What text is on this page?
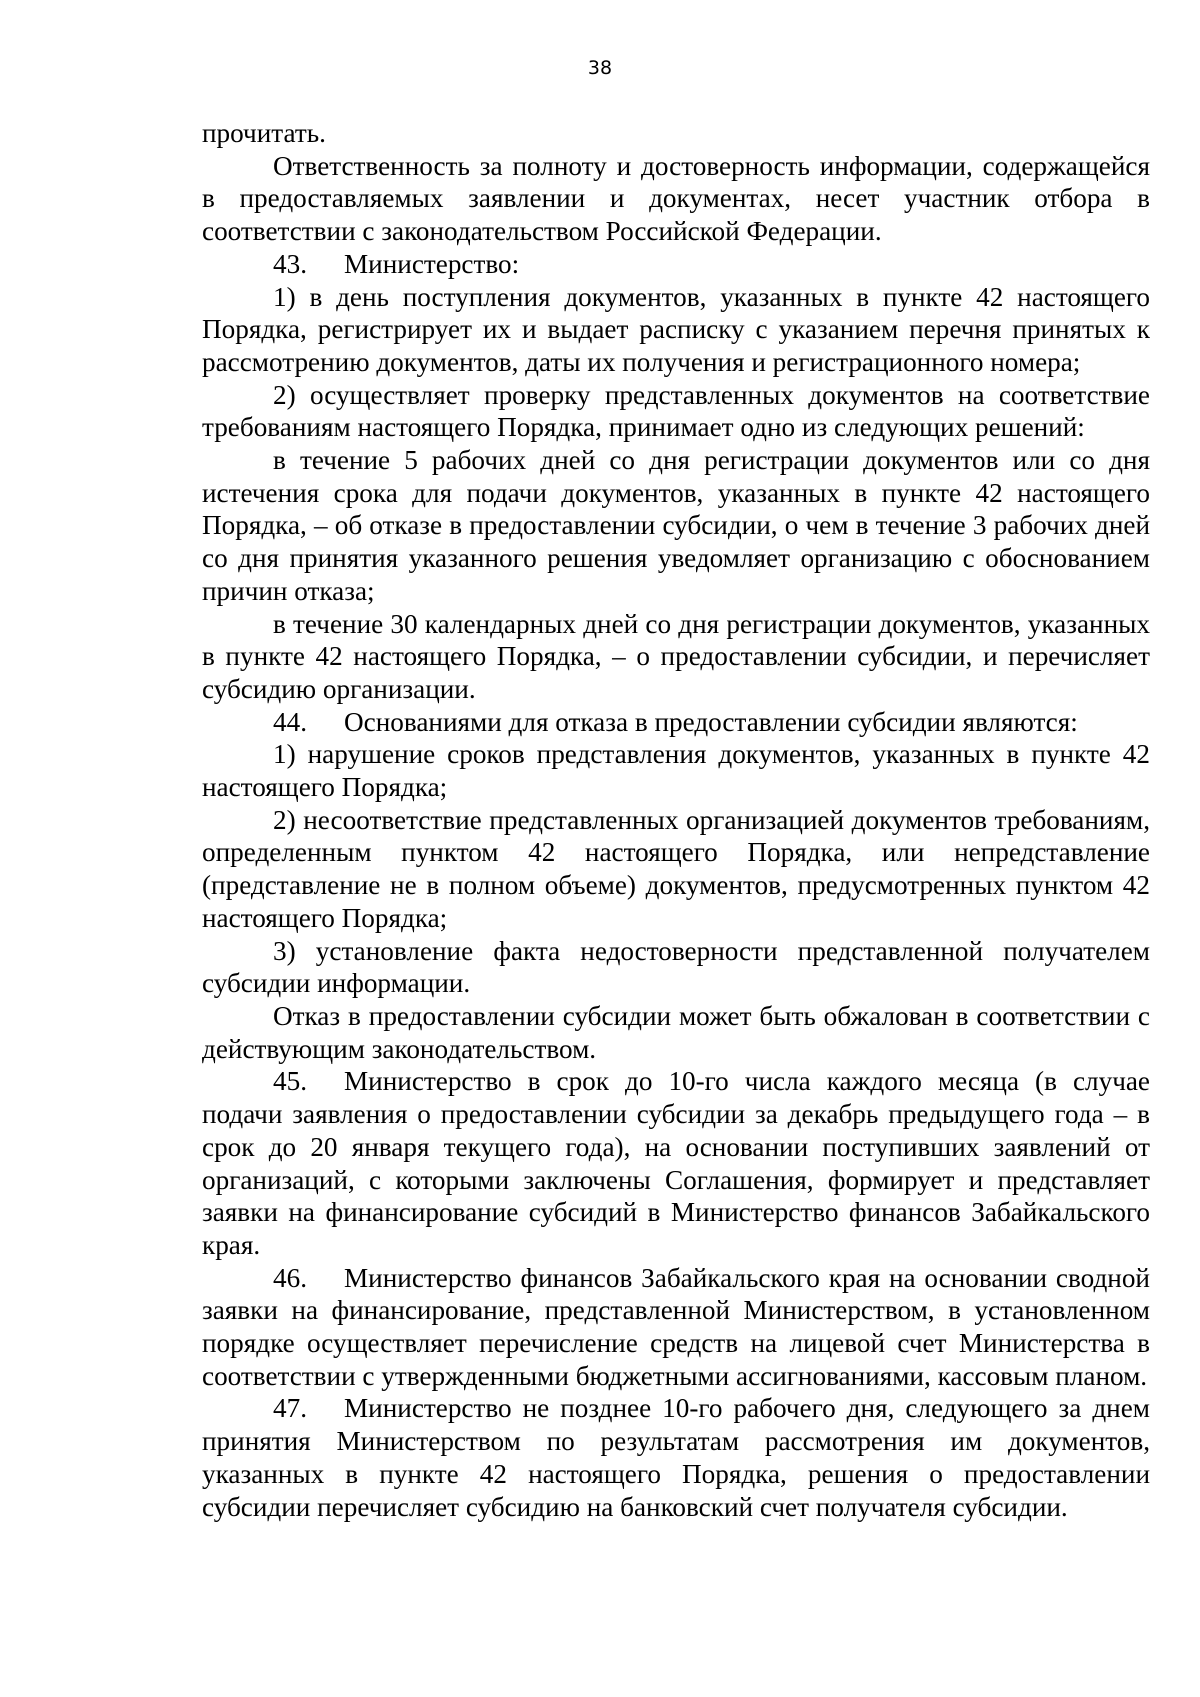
38

прочитать.

Ответственность за полноту и достоверность информации, содержащейся в предоставляемых заявлении и документах, несет участник отбора в соответствии с законодательством Российской Федерации.

43. Министерство:

1) в день поступления документов, указанных в пункте 42 настоящего Порядка, регистрирует их и выдает расписку с указанием перечня принятых к рассмотрению документов, даты их получения и регистрационного номера;

2) осуществляет проверку представленных документов на соответствие требованиям настоящего Порядка, принимает одно из следующих решений:

в течение 5 рабочих дней со дня регистрации документов или со дня истечения срока для подачи документов, указанных в пункте 42 настоящего Порядка, – об отказе в предоставлении субсидии, о чем в течение 3 рабочих дней со дня принятия указанного решения уведомляет организацию с обоснованием причин отказа;

в течение 30 календарных дней со дня регистрации документов, указанных в пункте 42 настоящего Порядка, – о предоставлении субсидии, и перечисляет субсидию организации.

44. Основаниями для отказа в предоставлении субсидии являются:

1) нарушение сроков представления документов, указанных в пункте 42 настоящего Порядка;

2) несоответствие представленных организацией документов требованиям, определенным пунктом 42 настоящего Порядка, или непредставление (представление не в полном объеме) документов, предусмотренных пунктом 42 настоящего Порядка;

3) установление факта недостоверности представленной получателем субсидии информации.

Отказ в предоставлении субсидии может быть обжалован в соответствии с действующим законодательством.

45. Министерство в срок до 10-го числа каждого месяца (в случае подачи заявления о предоставлении субсидии за декабрь предыдущего года – в срок до 20 января текущего года), на основании поступивших заявлений от организаций, с которыми заключены Соглашения, формирует и представляет заявки на финансирование субсидий в Министерство финансов Забайкальского края.

46. Министерство финансов Забайкальского края на основании сводной заявки на финансирование, представленной Министерством, в установленном порядке осуществляет перечисление средств на лицевой счет Министерства в соответствии с утвержденными бюджетными ассигнованиями, кассовым планом.

47. Министерство не позднее 10-го рабочего дня, следующего за днем принятия Министерством по результатам рассмотрения им документов, указанных в пункте 42 настоящего Порядка, решения о предоставлении субсидии перечисляет субсидию на банковский счет получателя субсидии.
